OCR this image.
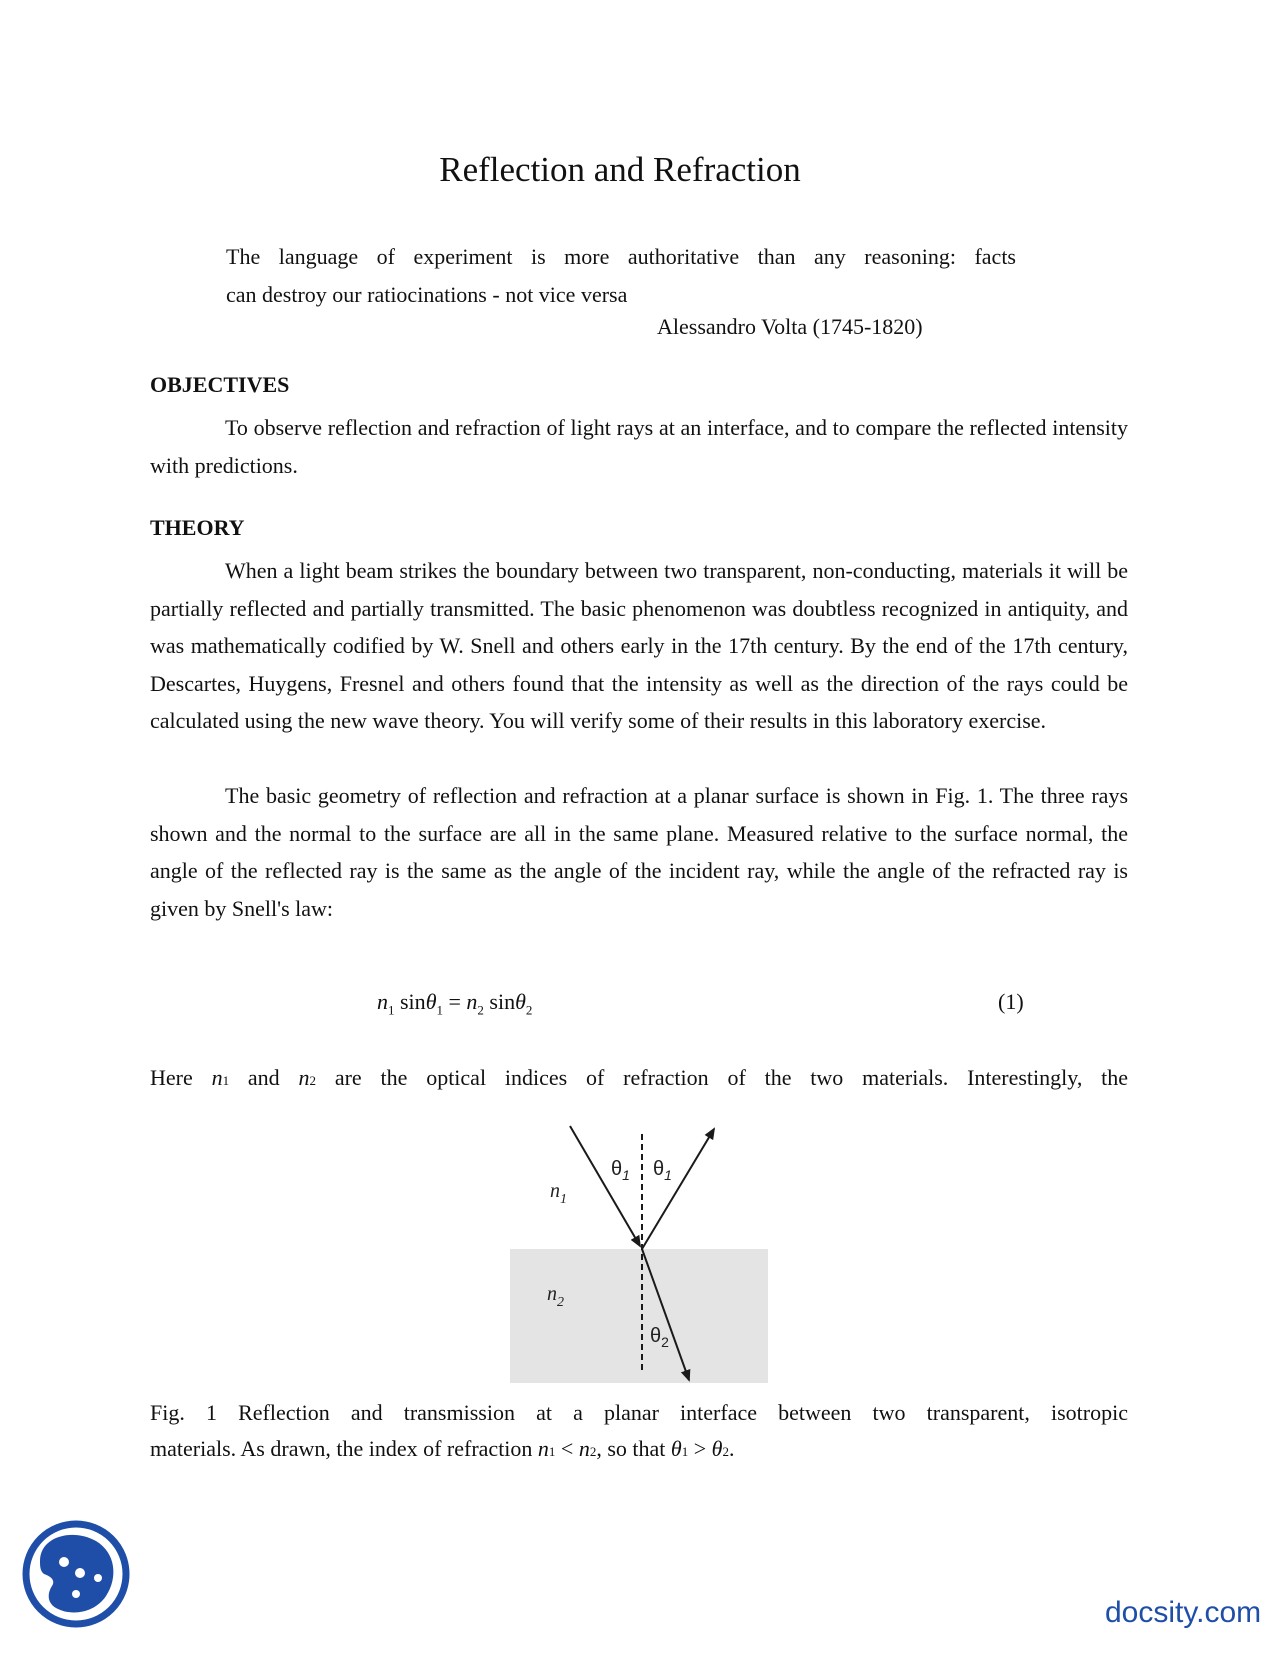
Reflection and Refraction

The language of experiment is more authoritative than any reasoning: facts

can destroy our ratiocinations - not vice versa

Alessandro Volta (1745-1820)
OBJECTIVES

To observe reflection and refraction of light rays at an interface, and to compare the reflected intensity with predictions.

THEORY

When a light beam strikes the boundary between two transparent, non-conducting, materials it will be partially reflected and partially transmitted. The basic phenomenon was doubtless recognized in antiquity, and was mathematically codified by W. Snell and others early in the 17th century. By the end of the 17th century, Descartes, Huygens, Fresnel and others found that the intensity as well as the direction of the rays could be calculated using the new wave theory. You will verify some of their results in this laboratory exercise.

The basic geometry of reflection and refraction at a planar surface is shown in Fig. 1. The three rays shown and the normal to the surface are all in the same plane. Measured relative to the surface normal, the angle of the reflected ray is the same as the angle of the incident ray, while the angle of the refracted ray is given by Snell's law:

$n_1$ $\sin\theta_1 = n_2$ sinθ$_2$	(1)

Here n1 and n2 are the optical indices of refraction of the two materials. Interestingly, the

$\theta_1$ $\theta_1$
$\theta_2$
$n_1$
$n_2$

Fig. 1 Reflection and transmission at a planar interface between two transparent, isotropic

materials. As drawn, the index of refraction n1 < n2, so that θ1 > θ2.

docsity.com
